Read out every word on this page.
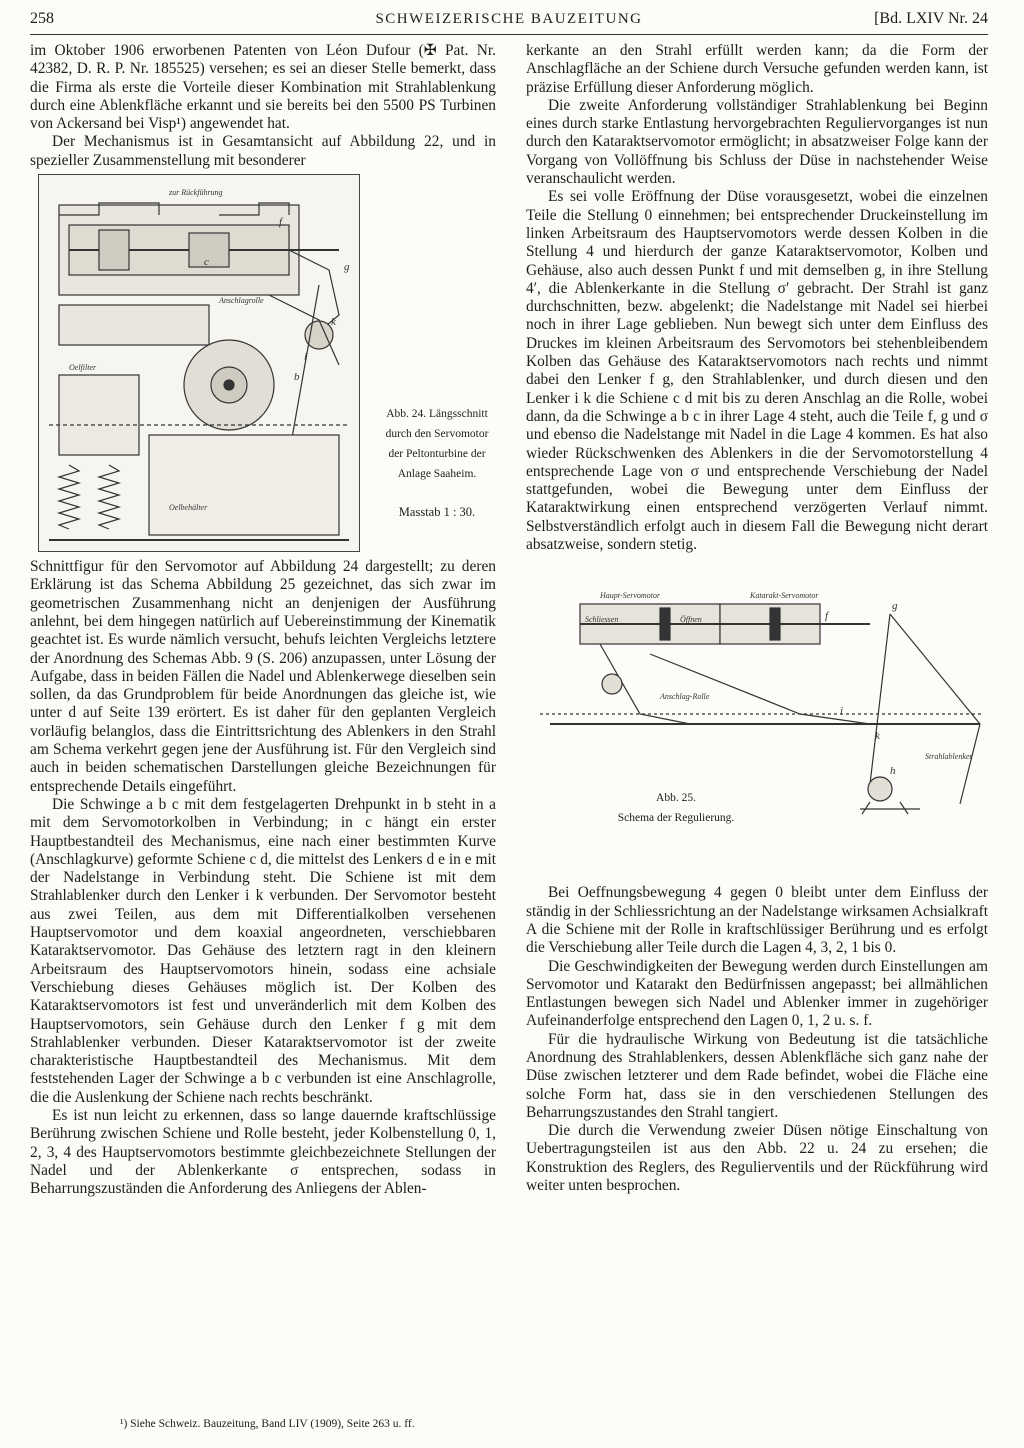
258	SCHWEIZERISCHE BAUZEITUNG	[Bd. LXIV Nr. 24

im Oktober 1906 erworbenen Patenten von Léon Dufour (✠ Pat. Nr. 42382, D. R. P. Nr. 185525) versehen; es sei an dieser Stelle bemerkt, dass die Firma als erste die Vorteile dieser Kombination mit Strahlablenkung durch eine Ablenkfläche erkannt und sie bereits bei den 5500 PS Turbinen von Ackersand bei Visp¹) angewendet hat.

Der Mechanismus ist in Gesamtansicht auf Abbildung 22, und in spezieller Zusammenstellung mit besonderer

zur Rückführung
Anschlagrolle
Oelfilter
Oelbehälter
f
g
c
k
i
b
Abb. 24. Längsschnitt
durch den Servomotor
der Peltonturbine der
Anlage Saaheim.
Masstab 1 : 30.

Schnittfigur für den Servomotor auf Abbildung 24 dargestellt; zu deren Erklärung ist das Schema Abbildung 25 gezeichnet, das sich zwar im geometrischen Zusammenhang nicht an denjenigen der Ausführung anlehnt, bei dem hingegen natürlich auf Uebereinstimmung der Kinematik geachtet ist. Es wurde nämlich versucht, behufs leichten Vergleichs letztere der Anordnung des Schemas Abb. 9 (S. 206) anzupassen, unter Lösung der Aufgabe, dass in beiden Fällen die Nadel und Ablenkerwege dieselben sein sollen, da das Grundproblem für beide Anordnungen das gleiche ist, wie unter d auf Seite 139 erörtert. Es ist daher für den geplanten Vergleich vorläufig belanglos, dass die Eintrittsrichtung des Ablenkers in den Strahl am Schema verkehrt gegen jene der Ausführung ist. Für den Vergleich sind auch in beiden schematischen Darstellungen gleiche Bezeichnungen für entsprechende Details eingeführt.

Die Schwinge a b c mit dem festgelagerten Drehpunkt in b steht in a mit dem Servomotorkolben in Verbindung; in c hängt ein erster Hauptbestandteil des Mechanismus, eine nach einer bestimmten Kurve (Anschlagkurve) geformte Schiene c d, die mittelst des Lenkers d e in e mit der Nadelstange in Verbindung steht. Die Schiene ist mit dem Strahlablenker durch den Lenker i k verbunden. Der Servomotor besteht aus zwei Teilen, aus dem mit Differentialkolben versehenen Hauptservomotor und dem koaxial angeordneten, verschiebbaren Kataraktservomotor. Das Gehäuse des letztern ragt in den kleinern Arbeitsraum des Hauptservomotors hinein, sodass eine achsiale Verschiebung dieses Gehäuses möglich ist. Der Kolben des Kataraktservomotors ist fest und unveränderlich mit dem Kolben des Hauptservomotors, sein Gehäuse durch den Lenker f g mit dem Strahlablenker verbunden. Dieser Kataraktservomotor ist der zweite charakteristische Hauptbestandteil des Mechanismus. Mit dem feststehenden Lager der Schwinge a b c verbunden ist eine Anschlagrolle, die die Auslenkung der Schiene nach rechts beschränkt.

Es ist nun leicht zu erkennen, dass so lange dauernde kraftschlüssige Berührung zwischen Schiene und Rolle besteht, jeder Kolbenstellung 0, 1, 2, 3, 4 des Hauptservomotors bestimmte gleichbezeichnete Stellungen der Nadel und der Ablenkerkante σ entsprechen, sodass in Beharrungszuständen die Anforderung des Anliegens der Ablen-

kerkante an den Strahl erfüllt werden kann; da die Form der Anschlagfläche an der Schiene durch Versuche gefunden werden kann, ist präzise Erfüllung dieser Anforderung möglich.

Die zweite Anforderung vollständiger Strahlablenkung bei Beginn eines durch starke Entlastung hervorgebrachten Reguliervorganges ist nun durch den Kataraktservomotor ermöglicht; in absatzweiser Folge kann der Vorgang von Vollöffnung bis Schluss der Düse in nachstehender Weise veranschaulicht werden.

Es sei volle Eröffnung der Düse vorausgesetzt, wobei die einzelnen Teile die Stellung 0 einnehmen; bei entsprechender Druckeinstellung im linken Arbeitsraum des Hauptservomotors werde dessen Kolben in die Stellung 4 und hierdurch der ganze Kataraktservomotor, Kolben und Gehäuse, also auch dessen Punkt f und mit demselben g, in ihre Stellung 4′, die Ablenkerkante in die Stellung σ′ gebracht. Der Strahl ist ganz durchschnitten, bezw. abgelenkt; die Nadelstange mit Nadel sei hierbei noch in ihrer Lage geblieben. Nun bewegt sich unter dem Einfluss des Druckes im kleinen Arbeitsraum des Servomotors bei stehenbleibendem Kolben das Gehäuse des Kataraktservomotors nach rechts und nimmt dabei den Lenker f g, den Strahlablenker, und durch diesen und den Lenker i k die Schiene c d mit bis zu deren Anschlag an die Rolle, wobei dann, da die Schwinge a b c in ihrer Lage 4 steht, auch die Teile f, g und σ und ebenso die Nadelstange mit Nadel in die Lage 4 kommen. Es hat also wieder Rückschwenken des Ablenkers in die der Servomotorstellung 4 entsprechende Lage von σ und entsprechende Verschiebung der Nadel stattgefunden, wobei die Bewegung unter dem Einfluss der Kataraktwirkung einen entsprechend verzögerten Verlauf nimmt. Selbstverständlich erfolgt auch in diesem Fall die Bewegung nicht derart absatzweise, sondern stetig.

Haupt-Servomotor	Katarakt-Servomotor
Schliessen	Öffnen
Anschlag-Rolle
Strahlablenker
f
g
i
k
h
Abb. 25.
Schema der Regulierung.

Bei Oeffnungsbewegung 4 gegen 0 bleibt unter dem Einfluss der ständig in der Schliessrichtung an der Nadelstange wirksamen Achsialkraft A die Schiene mit der Rolle in kraftschlüssiger Berührung und es erfolgt die Verschiebung aller Teile durch die Lagen 4, 3, 2, 1 bis 0.

Die Geschwindigkeiten der Bewegung werden durch Einstellungen am Servomotor und Katarakt den Bedürfnissen angepasst; bei allmählichen Entlastungen bewegen sich Nadel und Ablenker immer in zugehöriger Aufeinanderfolge entsprechend den Lagen 0, 1, 2 u. s. f.

Für die hydraulische Wirkung von Bedeutung ist die tatsächliche Anordnung des Strahlablenkers, dessen Ablenkfläche sich ganz nahe der Düse zwischen letzterer und dem Rade befindet, wobei die Fläche eine solche Form hat, dass sie in den verschiedenen Stellungen des Beharrungszustandes den Strahl tangiert.

Die durch die Verwendung zweier Düsen nötige Einschaltung von Uebertragungsteilen ist aus den Abb. 22 u. 24 zu ersehen; die Konstruktion des Reglers, des Regulierventils und der Rückführung wird weiter unten besprochen.

¹) Siehe Schweiz. Bauzeitung, Band LIV (1909), Seite 263 u. ff.
